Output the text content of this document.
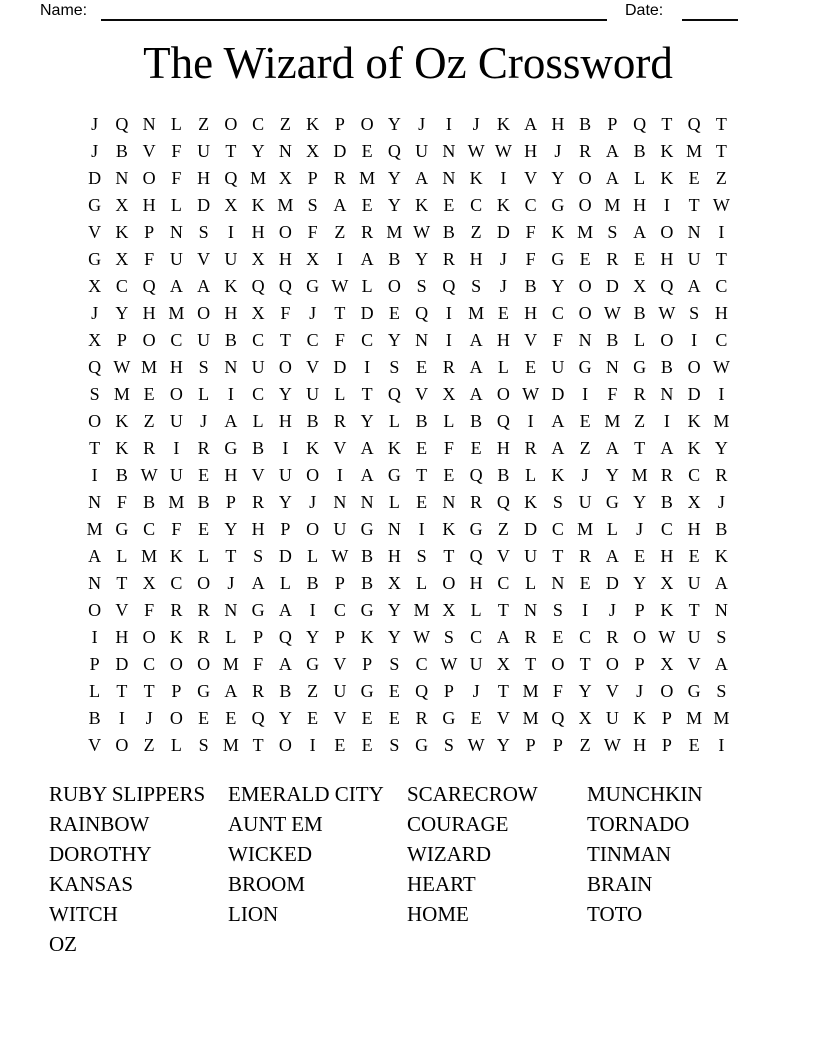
Name:	Date:
The Wizard of Oz Crossword
J Q N L Z O C Z K P O Y J	I	J K A H B P Q T Q T
J B V F U T Y N X D E Q U N W W H J R A B K M T
D N O F H Q M X P R M Y A N K I V Y O A L K E Z
G X H L D X K M S A E Y K E C K C G O M H I	T W
V K P N S	I H O F Z R M W B Z D F K M S A O N I
G X F U V U X H X I A B Y R H J	F G E R E H U T
X C Q A A K Q Q G W L O S Q S	J B Y O D X Q A C
J Y H M O H X F	J	T D E Q I M E H C O W B W S H
X P O C U B C T C F C Y N I A H V F N B L O I	C
Q W M H S N U O V D I	S E R A L E U G N G B O W
S M E O L	I	C Y U L T Q V X A O W D I	F R N D I
O K Z U J A L H B R Y L B L B Q I A E M Z	I K M
T K R	I	R G B	I K V A K E F E H R A Z A T A K Y
I	B W U E H V U O I A G T E Q B L K J Y M R C R
N F B M B P R Y J N N L E N R Q K S U G Y B X J
M G C F E Y H P O U G N I K G Z D C M L	J C H B
A L M K L T S D L W B H S T Q V U T R A E H E K
N T X C O J A L B P B X L O H C L N E D Y X U A
O V F R R N G A I	C G Y M X L T N S	I	J	P K T N
I H O K R L P Q Y P K Y W S C A R E C R O W U S
P D C O O M F A G V P S C W U X T O T O P X V A
L T T P G A R B Z U G E Q P	J	T M F Y V J O G S
B	I	J O E E Q Y E V E E R G E V M Q X U K P M M
V O Z L S M T O I	E E S G S W Y P P Z W H P E	I
RUBY SLIPPERS
RAINBOW
DOROTHY
KANSAS
WITCH
OZ
EMERALD CITY
AUNT EM
WICKED
BROOM
LION
SCARECROW
COURAGE
WIZARD
HEART
HOME
MUNCHKIN
TORNADO
TINMAN
BRAIN
TOTO
